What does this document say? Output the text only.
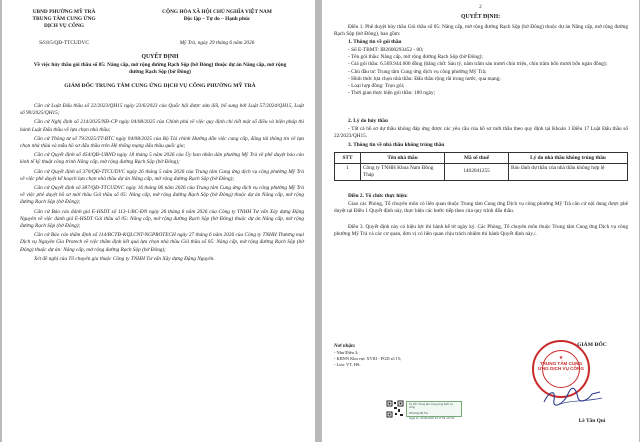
UBND PHƯỜNG MỸ TRÀ
TRUNG TÂM CUNG ỨNG
DỊCH VỤ CÔNG
Số:8/5/QĐ-TTCUDVC
CỘNG HÒA XÃ HỘI CHỦ NGHĨA VIỆT NAM
Độc lập – Tự do – Hạnh phúc
Mỹ Trà, ngày 29 tháng 6 năm 2026
QUYẾT ĐỊNH
Về việc hủy thầu gói thầu số 05: Nâng cấp, mở rộng đường Rạch Sộp (bờ Đông) thuộc dự án Nâng cấp, mở rộng đường Rạch Sộp (bờ Đông)
GIÁM ĐỐC TRUNG TÂM CUNG ỨNG DỊCH VỤ CÔNG PHƯỜNG MỸ TRÀ
Căn cứ Luật Đấu thầu số 22/2023/QH15 ngày 23/6/2023 của Quốc hội được sửa đổi, bổ sung bởi Luật 57/2024/QH15, Luật số 90/2025/QH15;
Căn cứ Nghị định số 214/2025/NĐ-CP ngày 04/08/2025 của Chính phủ về việc quy định chi tiết một số điều và biện pháp thi hành Luật Đấu thầu về lựa chọn nhà thầu;
Căn cứ Thông tư số 79/2025/TT-BTC ngày 04/08/2025 của Bộ Tài chính Hướng dẫn việc cung cấp, đăng tải thông tin về lựa chọn nhà thầu và mẫu hồ sơ đấu thầu trên Hệ thống mạng đấu thầu quốc gia;
Căn cứ Quyết định số 454/QĐ-UBND ngày 18 tháng 5 năm 2026 của Ủy ban nhân dân phường Mỹ Trà về phê duyệt báo cáo kinh tế kỹ thuật công trình Nâng cấp, mở rộng đường Rạch Sộp (bờ Đông);
Căn cứ Quyết định số 370/QĐ-TTCUDVC ngày 26 tháng 5 năm 2026 của Trung tâm Cung ứng dịch vụ công phường Mỹ Trà về việc phê duyệt kế hoạch lựa chọn nhà thầu dự án Nâng cấp, mở rộng đường Rạch Sộp (bờ Đông);
Căn cứ Quyết định số 387/QĐ-TTCUDVC ngày 16 tháng 06 năm 2026 của Trung tâm Cung ứng dịch vụ công phường Mỹ Trà về việc phê duyệt hồ sơ mời thầu Gói thầu số 05: Nâng cấp, mở rộng đường Rạch Sộp (bờ Đông) thuộc dự án Nâng cấp, mở rộng đường Rạch Sộp (bờ Đông);
Căn cứ Báo cáo đánh giá E-HSDT số 113-1/BC-ĐN ngày 26 tháng 6 năm 2026 của Công ty TNHH Tư vấn Xây dựng Đặng Nguyên về việc đánh giá E-HSDT Gói thầu số 05: Nâng cấp, mở rộng đường Rạch Sộp (bờ Đông) thuộc dự án Nâng cấp, mở rộng đường Rạch Sộp (bờ Đông);
Căn cứ Báo cáo thẩm định số 114/BCTĐ-KQLCNT-NGPROTECH ngày 27 tháng 6 năm 2026 của Công ty TNHH Thương mại Dịch vụ Nguyên Gia Protech về việc thẩm định kết quả lựa chọn nhà thầu Gói thầu số 05: Nâng cấp, mở rộng đường Rạch Sộp (bờ Đông) thuộc dự án: Nâng cấp, mở rộng đường Rạch Sộp (bờ Đông);
Xét đề nghị của Tổ chuyên gia thuộc Công ty TNHH Tư vấn Xây dựng Đặng Nguyên.
2
QUYẾT ĐỊNH:
Điều 1. Phê duyệt hủy thầu Gói thầu số 05: Nâng cấp, mở rộng đường Rạch Sộp (bờ Đông) thuộc dự án Nâng cấp, mở rộng đường Rạch Sộp (bờ Đông), bao gồm:
1. Thông tin về gói thầu
- Số E-TBMT: IB2600293452 - 00;
- Tên gói thầu: Nâng cấp, mở rộng đường Rạch Sộp (bờ Đông);
- Giá gói thầu: 6.569.944.000 đồng (bằng chữ: Sáu tỷ, năm trăm sáu mươi chín triệu, chín trăm bốn mươi bốn ngàn đồng);
- Chủ đầu tư: Trung tâm Cung ứng dịch vụ công phường Mỹ Trà;
- Hình thức lựa chọn nhà thầu: Đấu thầu rộng rãi trong nước, qua mạng;
- Loại hợp đồng: Trọn gói;
- Thời gian thực hiện gói thầu: 180 ngày;
2. Lý do hủy thầu
- Tất cả hồ sơ dự thầu không đáp ứng được các yêu cầu của hồ sơ mời thầu theo quy định tại Khoản 1 Điều 17 Luật Đấu thầu số 22/2023/QH15.
3. Thông tin về nhà thầu không trúng thầu
STT	Tên nhà thầu	Mã số thuế	Lý do nhà thầu không trúng thầu
1	Công ty TNHH Khoa Nam Đồng Tháp	1402041255	Báo lãnh dự thầu của nhà thầu không hợp lệ
Điều 2. Tổ chức thực hiện:
Giao các Phòng, Tổ chuyên môn có liên quan thuộc Trung tâm Cung ứng Dịch vụ công phường Mỹ Trà căn cứ nội dung được phê duyệt tại Điều 1 Quyết định này, thực hiện các bước tiếp theo của quy trình đấu thầu.
Điều 3. Quyết định này có hiệu lực thi hành kể từ ngày ký. Các Phòng, Tổ chuyên môn thuộc Trung tâm Cung ứng Dịch vụ công phường Mỹ Trà và các cơ quan, đơn vị có liên quan chịu trách nhiệm thi hành Quyết định này./.
Nơi nhận:
- Như Điều 3;
- KBNN Khu vực XVIII - PGD số 15;
- Lưu: VT, HS.
Ký bởi: Trung tâm Cung ứng Dịch vụ công
Phường Mỹ Trà
Ngày ký: 29-06-2026 16:17:29 +07:00
GIÁM ĐỐC
★
TRUNG TÂM CUNG ỨNG DỊCH VỤ CÔNG
Lê Tấn Qui
